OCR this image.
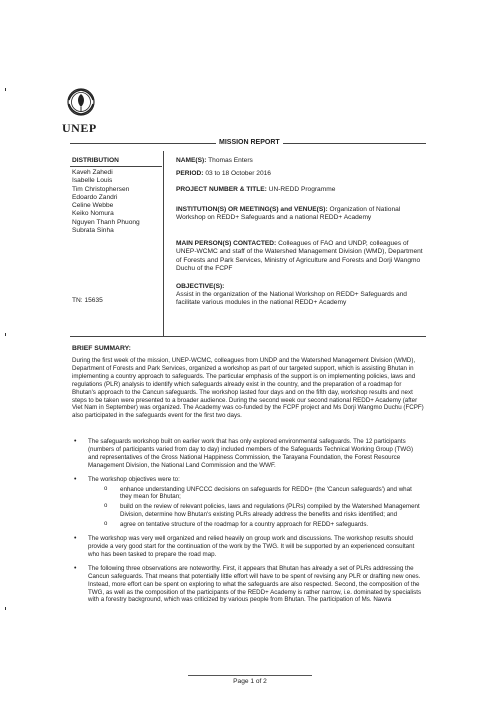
UNEP
MISSION REPORT
DISTRIBUTION
Kaveh Zahedi
Isabelle Louis
Tim Christophersen
Edoardo Zandri
Celine Webbe
Keiko Nomura
Nguyen Thanh Phuong
Subrata Sinha
TN: 15635
NAME(S): Thomas Enters
PERIOD: 03 to 18 October 2016
PROJECT NUMBER & TITLE: UN-REDD Programme
INSTITUTION(S) OR MEETING(S) and VENUE(S): Organization of National Workshop on REDD+ Safeguards and a national REDD+ Academy
MAIN PERSON(S) CONTACTED: Colleagues of FAO and UNDP, colleagues of UNEP-WCMC and staff of the Watershed Management Division (WMD), Department of Forests and Park Services, Ministry of Agriculture and Forests and Dorji Wangmo Duchu of the FCPF
OBJECTIVE(S):
Assist in the organization of the National Workshop on REDD+ Safeguards and facilitate various modules in the national REDD+ Academy
BRIEF SUMMARY:
During the first week of the mission, UNEP-WCMC, colleagues from UNDP and the Watershed Management Division (WMD), Department of Forests and Park Services, organized a workshop as part of our targeted support, which is assisting Bhutan in implementing a country approach to safeguards. The particular emphasis of the support is on implementing policies, laws and regulations (PLR) analysis to identify which safeguards already exist in the country, and the preparation of a roadmap for Bhutan's approach to the Cancun safeguards. The workshop lasted four days and on the fifth day, workshop results and next steps to be taken were presented to a broader audience. During the second week our second national REDD+ Academy (after Viet Nam in September) was organized. The Academy was co-funded by the FCPF project and Ms Dorji Wangmo Duchu (FCPF) also participated in the safeguards event for the first two days.
• The safeguards workshop built on earlier work that has only explored environmental safeguards. The 12 participants (numbers of participants varied from day to day) included members of the Safeguards Technical Working Group (TWG) and representatives of the Gross National Happiness Commission, the Tarayana Foundation, the Forest Resource Management Division, the National Land Commission and the WWF.
• The workshop objectives were to:
o enhance understanding UNFCCC decisions on safeguards for REDD+ (the 'Cancun safeguards') and what they mean for Bhutan;
o build on the review of relevant policies, laws and regulations (PLRs) compiled by the Watershed Management Division, determine how Bhutan's existing PLRs already address the benefits and risks identified; and
o agree on tentative structure of the roadmap for a country approach for REDD+ safeguards.
• The workshop was very well organized and relied heavily on group work and discussions. The workshop results should provide a very good start for the continuation of the work by the TWG. It will be supported by an experienced consultant who has been tasked to prepare the road map.
• The following three observations are noteworthy. First, it appears that Bhutan has already a set of PLRs addressing the Cancun safeguards. That means that potentially little effort will have to be spent of revising any PLR or drafting new ones. Instead, more effort can be spent on exploring to what the safeguards are also respected. Second, the composition of the TWG, as well as the composition of the participants of the REDD+ Academy is rather narrow, i.e. dominated by specialists with a forestry background, which was criticized by various people from Bhutan. The participation of Ms. Nawra
Page 1 of 2
